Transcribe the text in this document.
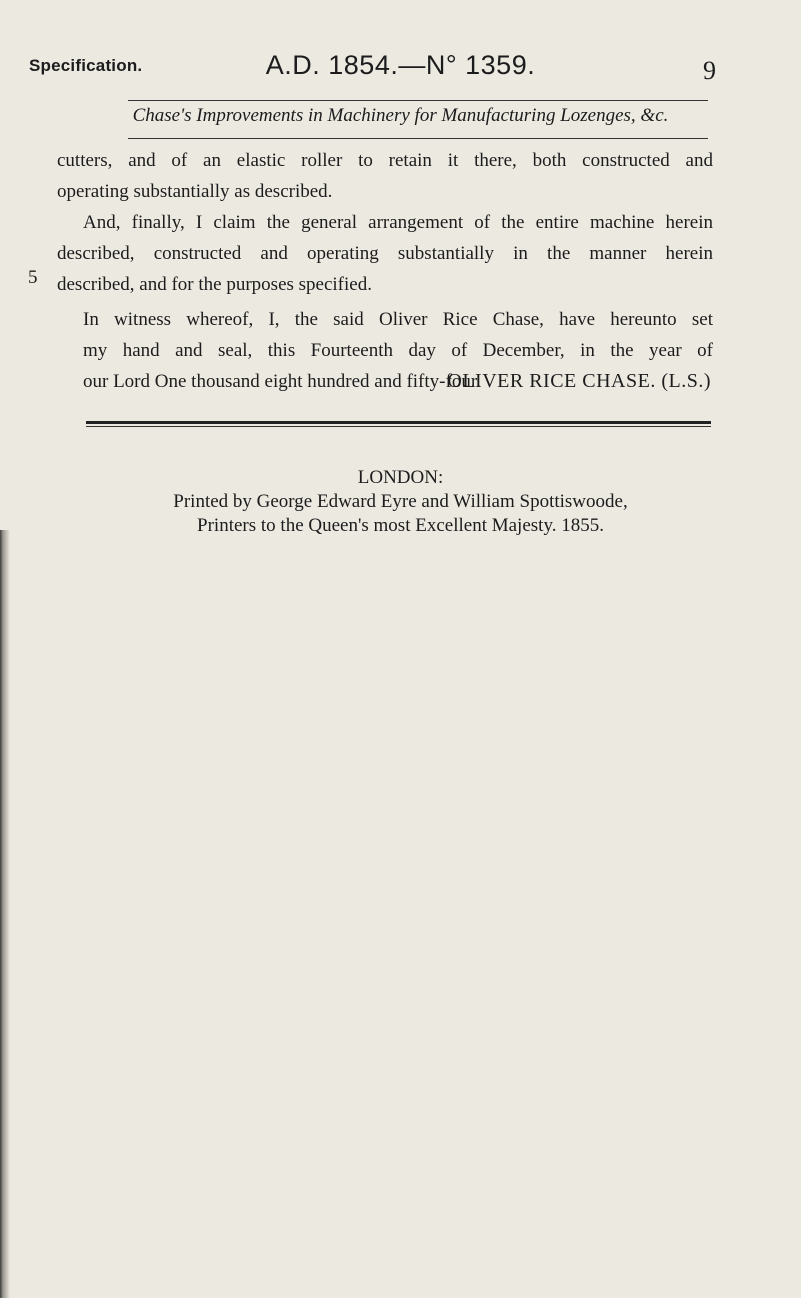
Specification.	A.D. 1854.—N° 1359.	9
Chase's Improvements in Machinery for Manufacturing Lozenges, &c.

cutters, and of an elastic roller to retain it there, both constructed and

operating substantially as described.

And, finally, I claim the general arrangement of the entire machine herein

described, constructed and operating substantially in the manner herein

described, and for the purposes specified.

In witness whereof, I, the said Oliver Rice Chase, have hereunto set

my hand and seal, this Fourteenth day of December, in the year of

our Lord One thousand eight hundred and fifty-four.

5
OLIVER RICE CHASE. (L.S.)
LONDON:
Printed by George Edward Eyre and William Spottiswoode,
Printers to the Queen's most Excellent Majesty. 1855.
